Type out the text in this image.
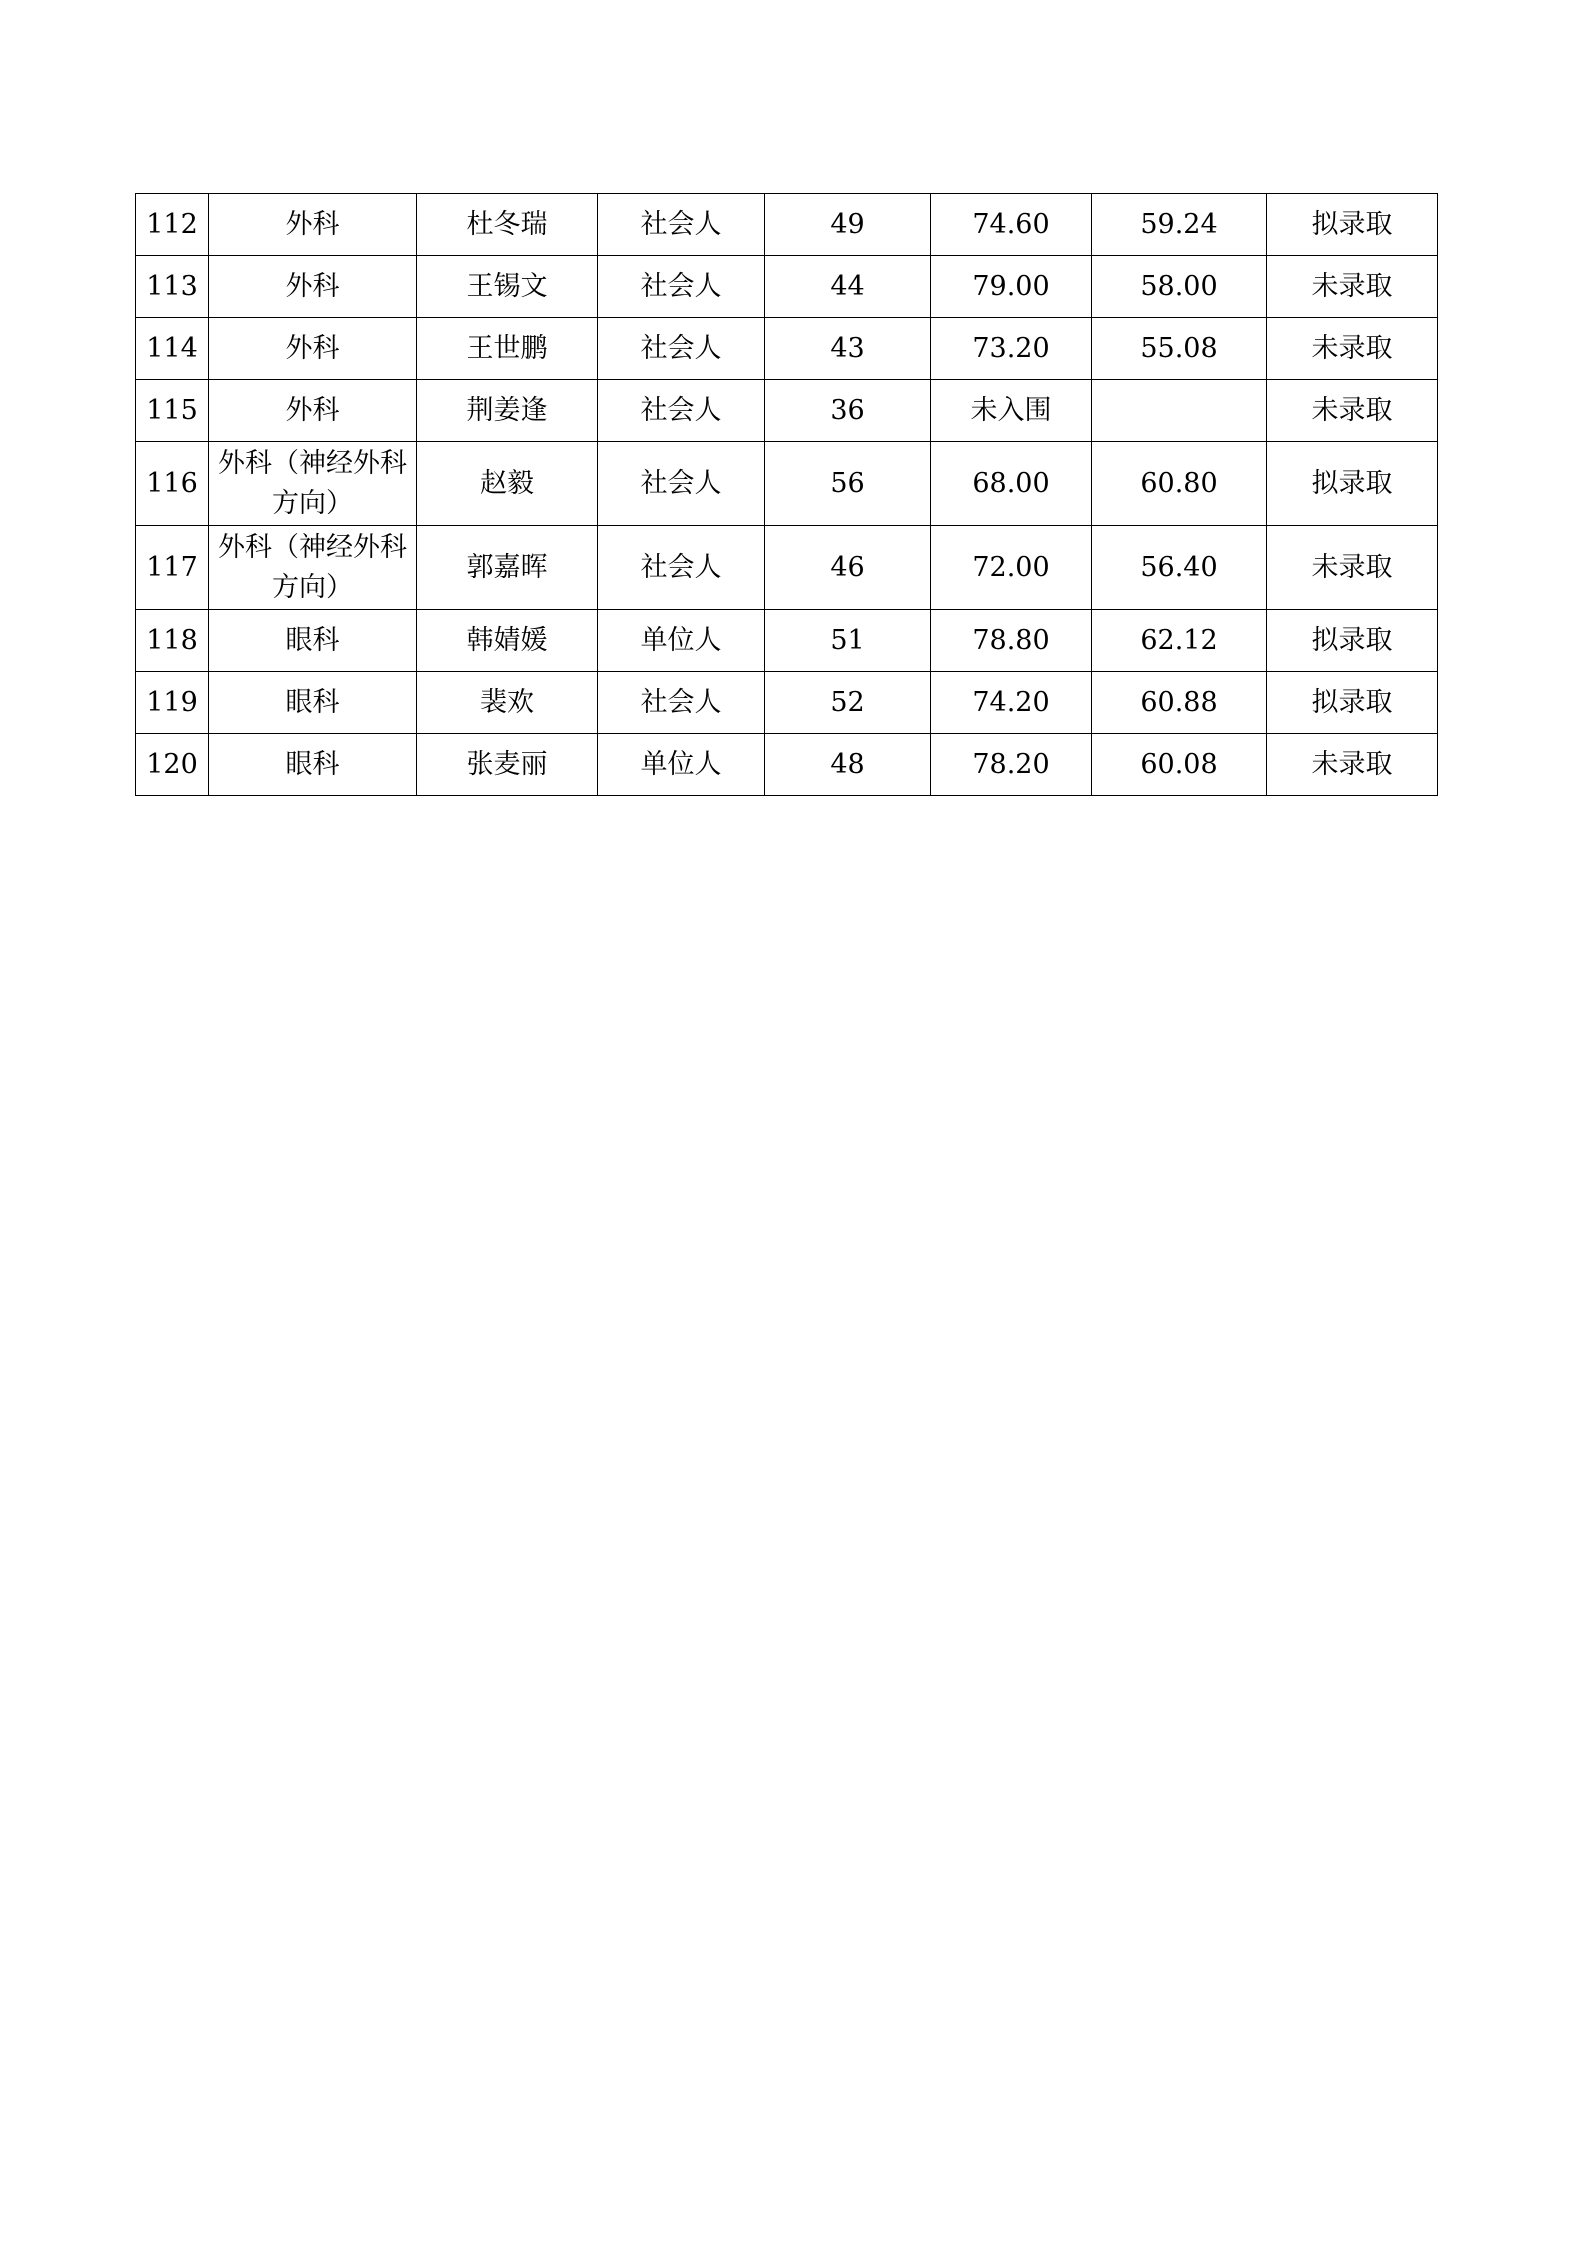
112	外科	杜冬瑞	社会人	49	74.60	59.24	拟录取
113	外科	王锡文	社会人	44	79.00	58.00	未录取
114	外科	王世鹏	社会人	43	73.20	55.08	未录取
115	外科	荆姜逢	社会人	36	未入围		未录取
116	外科（神经外科方向）	赵毅	社会人	56	68.00	60.80	拟录取
117	外科（神经外科方向）	郭嘉晖	社会人	46	72.00	56.40	未录取
118	眼科	韩婧媛	单位人	51	78.80	62.12	拟录取
119	眼科	裴欢	社会人	52	74.20	60.88	拟录取
120	眼科	张麦丽	单位人	48	78.20	60.08	未录取
